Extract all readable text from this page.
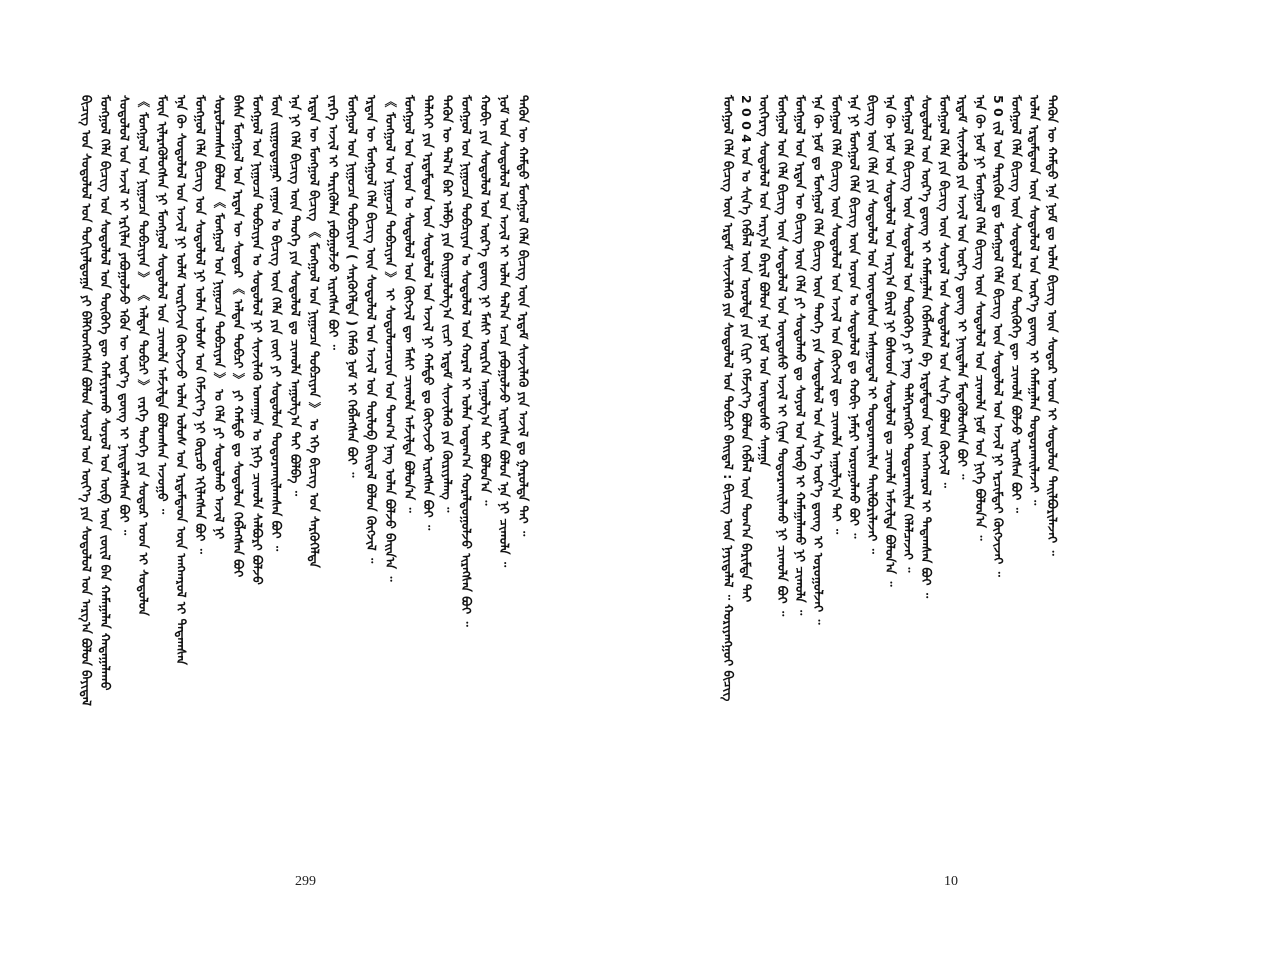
ᠪᠢᠴᠢᠭ᠌ ᠤᠨ ᠰᠤᠳᠤᠯᠤᠯ ᠤᠨ ᠲᠣᠬᠢᠶᠠᠯᠳᠤᠭᠠ ᠶᠢ ᠪᠡᠯᠭᠡᠳᠬᠡᠭᠰᠡᠨ ᠪᠤᠯᠤᠨ ᠰᠣᠶᠤᠯ ᠤᠨ ᠦᠶ᠎ᠡ ᠶᠢᠨ ᠰᠤᠳᠤᠯᠤᠯ ᠤᠨ ᠠᠷᠭ᠎ᠠ ᠪᠣᠯᠤᠨ ᠪᠠᠶᠢᠳᠠᠯ ᠮᠣᠩᠭᠣᠯ ᠬᠡᠯᠡ ᠪᠢᠴᠢᠭ᠌ ᠤᠨ ᠰᠤᠳᠤᠯᠤᠯ ᠤᠨ ᠲᠦᠭᠦᠬᠡ ᠳᠦ ᠬᠠᠮᠢᠶᠠᠷᠠᠬᠤ ᠰᠣᠶᠤᠯ ᠤᠨ ᠥᠪ ᠦᠨ ᠵᠦᠢᠯ ᠪᠠᠨ ᠬᠠᠮᠠᠭᠠᠯᠠᠨ ᠬᠠᠳᠠᠭᠠᠯᠠᠬᠤ ᠰᠤᠳᠤᠯᠤᠯ ᠤᠨ ᠠᠵᠢᠯ ᠢ ᠡᠷᠬᠢᠯᠡᠨ ᠶᠠᠪᠤᠭᠤᠯᠵᠤ ᠡᠭᠦᠨ ᠦ ᠦᠷ᠎ᠡ ᠳ᠋ᠦᠩ ᠢ ᠨᠡᠢᠲᠡᠯᠡᠭᠰᠡᠨ ᠪᠤᠢ ᠃ 《 ᠮᠣᠩᠭᠣᠯ ᠤᠨ ᠨᠢᠭᠤᠴᠠ ᠲᠣᠪᠴᠢᠶᠠᠨ 》 《 ᠠᠯᠲᠠᠨ ᠲᠣᠪᠴᠢ 》 ᠵᠡᠷᠭᠡ ᠲᠡᠦᠬᠡ ᠶᠢᠨ ᠰᠤᠳᠤᠷ ᠤᠳ ᠢ ᠰᠤᠳᠤᠯᠤᠨ ᠮᠥᠨ ᠢᠯᠡᠷᠡᠭᠦᠯᠦᠭᠰᠡᠨ ᠨᠢ ᠮᠣᠩᠭᠣᠯ ᠰᠤᠳᠤᠯᠤᠯ ᠤᠨ ᠴᠢᠬᠤᠯᠠ ᠠᠮᠵᠢᠯᠲᠠ ᠪᠣᠯᠤᠭᠰᠠᠨ ᠠᠵᠤᠭᠤ ᠃ ᠡᠨᠡ ᠬᠦ ᠰᠤᠳᠤᠯᠤᠯ ᠤᠨ ᠠᠵᠢᠯ ᠨᠢ ᠤᠯᠠᠮ ᠥᠷᠭᠡᠵᠢᠨ ᠬᠥᠭᠵᠢᠵᠦ ᠣᠯᠠᠨ ᠤᠯᠤᠰ ᠤᠨ ᠡᠷᠳᠡᠮᠲᠡᠳ ᠦᠨ ᠠᠩᠬᠠᠷᠤᠯ ᠢ ᠲᠠᠲᠠᠭᠰᠠᠨ ᠮᠣᠩᠭᠣᠯ ᠬᠡᠯᠡ ᠪᠢᠴᠢᠭ᠌ ᠤᠨ ᠰᠤᠳᠤᠯᠤᠯ ᠨᠢ ᠣᠯᠠᠨ ᠤᠯᠤᠰ ᠤᠨ ᠬᠡᠮᠵᠢᠶ᠎ᠡ ᠨᠢ ᠬᠦᠷᠴᠦ ᠡᠬᠢᠯᠡᠭᠰᠡᠨ ᠪᠤᠢ ᠃ ᠰᠤᠷᠤᠯᠴᠠᠭᠰᠠᠨ ᠪᠣᠯᠤᠨ 《 ᠮᠣᠩᠭᠣᠯ ᠤᠨ ᠨᠢᠭᠤᠴᠠ ᠲᠣᠪᠴᠢᠶᠠᠨ 》 ᠤ ᠬᠡᠯᠡ ᠶᠢ ᠰᠤᠳᠤᠯᠬᠤ ᠠᠵᠢᠯ ᠨᠢ ᠪᠠᠰᠠ ᠮᠣᠩᠭᠣᠯ ᠤᠨ ᠡᠷᠲᠡᠨ ᠦ ᠰᠤᠳᠤᠷ 《 ᠠᠯᠲᠠᠨ ᠲᠣᠪᠴᠢ 》 ᠶᠢ ᠬᠠᠮᠲᠤ ᠳᠤ ᠰᠤᠳᠤᠯᠤᠨ ᠬᠡᠪᠯᠡᠭᠰᠡᠨ ᠪᠤᠢ ᠮᠣᠩᠭᠣᠯ ᠤᠨ ᠨᠢᠭᠤᠴᠠ ᠲᠣᠪᠴᠢᠶᠠᠨ ᠤ ᠰᠤᠳᠤᠯᠤᠯ ᠨᠢ ᠰᠢᠨᠵᠢᠯᠡᠬᠦ ᠤᠬᠠᠭᠠᠨ ᠤ ᠨᠢᠭᠡ ᠴᠢᠬᠤᠯᠠ ᠰᠠᠯᠪᠤᠷᠢ ᠪᠣᠯᠵᠤ ᠮᠥᠨ ᠵᠢᠷᠭᠤᠳᠤᠭᠠᠷ ᠵᠠᠭᠤᠨ ᠤ ᠪᠢᠴᠢᠭ᠌ ᠦᠨ ᠬᠡᠯᠡ ᠶᠢᠨ ᠵᠦᠢ ᠶᠢ ᠰᠤᠳᠤᠯᠤᠨ ᠲᠣᠳᠤᠷᠬᠠᠢᠯᠠᠭᠰᠠᠨ ᠪᠤᠢ ᠃ ᠡᠨᠡ ᠨᠢ ᠬᠡᠯᠡ ᠪᠢᠴᠢᠭ᠌ ᠦᠨ ᠲᠡᠦᠬᠡ ᠶᠢᠨ ᠰᠤᠳᠤᠯᠤᠯ ᠳᠤ ᠴᠢᠬᠤᠯᠠ ᠠᠭᠤᠯᠭ᠎ᠠ ᠲᠠᠢ ᠪᠣᠯᠪᠠ ᠃ ᠡᠷᠲᠡᠨ ᠦ ᠮᠣᠩᠭᠣᠯ ᠪᠢᠴᠢᠭ᠌ 《 ᠮᠣᠩᠭᠣᠯ ᠤᠨ ᠨᠢᠭᠤᠴᠠ ᠲᠣᠪᠴᠢᠶᠠᠨ 》 ᠤ ᠡᠬᠡ ᠪᠢᠴᠢᠭ᠌ ᠤᠨ ᠰᠡᠷᠭᠦᠭᠡᠯᠲᠡ ᠵᠡᠷᠭᠡ ᠠᠵᠢᠯ ᠢ ᠲᠡᠷᠢᠭᠦᠯᠡᠨ ᠶᠠᠪᠤᠭᠤᠯᠵᠤ ᠢᠷᠡᠭᠰᠡᠨ ᠪᠤᠢ ᠃ ᠮᠣᠩᠭᠣᠯ ᠤᠨ ᠨᠢᠭᠤᠴᠠ ᠲᠣᠪᠴᠢᠶᠠᠨ ( ᠰᠡᠷᠭᠦᠭᠡᠯᠲᠡ ) ᠬᠡᠮᠡᠬᠦ ᠨᠣᠮ ᠢ ᠬᠡᠪᠯᠡᠭᠰᠡᠨ ᠪᠤᠢ ᠃ ᠡᠷᠲᠡᠨ ᠦ ᠮᠣᠩᠭᠣᠯ ᠬᠡᠯᠡ ᠪᠢᠴᠢᠭ᠌ ᠦᠨ ᠰᠤᠳᠤᠯᠤᠯ ᠤᠨ ᠠᠵᠢᠯ ᠤᠨ ᠲᠥᠯᠦᠪ ᠪᠠᠢᠳᠠᠯ ᠪᠣᠯᠤᠨ ᠬᠥᠭᠵᠢᠯ ᠃ 《 ᠮᠣᠩᠭᠣᠯ ᠤᠨ ᠨᠢᠭᠤᠴᠠ ᠲᠣᠪᠴᠢᠶᠠᠨ 》 ᠢ ᠰᠤᠳᠤᠯᠤᠭᠴᠢᠳ ᠤᠨ ᠲᠣᠭ᠎ᠠ ᠨᠡᠩ ᠣᠯᠠᠨ ᠪᠣᠯᠵᠤ ᠪᠠᠢᠨ᠎ᠠ ᠃ ᠮᠣᠩᠭᠣᠯ ᠤᠨ ᠣᠶᠤᠨ ᠤ ᠰᠤᠳᠤᠯᠤᠯ ᠤᠨ ᠬᠥᠭᠵᠢᠯ ᠳᠦ ᠮᠠᠰᠢ ᠴᠢᠬᠤᠯᠠ ᠠᠮᠵᠢᠯᠲᠠ ᠪᠣᠯᠤᠨ᠎ᠠ ᠃ ᠳᠡᠯᠡᠬᠡᠢ ᠶᠢᠨ ᠡᠷᠳᠡᠮᠲᠡᠳ ᠦᠨ ᠰᠤᠳᠤᠯᠤᠯ ᠤᠨ ᠠᠵᠢᠯ ᠨᠢ ᠬᠠᠮᠲᠤ ᠳᠤ ᠬᠥᠭᠵᠢᠵᠦ ᠢᠷᠡᠭᠰᠡᠨ ᠪᠤᠢ ᠃ ᠲᠡᠭᠦᠨ ᠦ ᠲᠠᠯ᠎ᠠ ᠪᠠᠷ ᠠᠯᠪᠠ ᠶᠢᠨ ᠪᠠᠢᠭᠤᠯᠤᠯᠭ᠎ᠠ ᠵᠢᠴᠢ ᠡᠷᠳᠡᠮ ᠰᠢᠨᠵᠢᠯᠡᠬᠦ ᠶᠢᠨ ᠬᠦᠷᠢᠶᠡᠯᠡᠩ ᠃ ᠮᠣᠩᠭᠣᠯ ᠤᠨ ᠨᠢᠭᠤᠴᠠ ᠲᠣᠪᠴᠢᠶᠠᠨ ᠤ ᠰᠤᠳᠤᠯᠤᠯ ᠤᠨ ᠬᠤᠷᠠᠯ ᠢ ᠣᠯᠠᠨ ᠤᠳᠠᠭ᠎ᠠ ᠬᠤᠷᠠᠯᠳᠤᠭᠤᠯᠵᠤ ᠢᠷᠡᠭᠰᠡᠨ ᠪᠤᠢ ᠃ ᠬᠤᠪᠢ ᠶᠢᠨ ᠰᠤᠳᠤᠯᠤᠯ ᠤᠨ ᠦᠷ᠎ᠡ ᠳ᠋ᠦᠩ ᠨᠢ ᠮᠠᠰᠢ ᠥᠷᠭᠡᠨ ᠠᠭᠤᠯᠭ᠎ᠠ ᠲᠠᠢ ᠪᠣᠯᠤᠨ᠎ᠠ ᠃ ᠨᠣᠮ ᠤᠨ ᠰᠤᠳᠤᠯᠤᠯ ᠤᠨ ᠠᠵᠢᠯ ᠢ ᠣᠯᠠᠨ ᠲᠠᠯ᠎ᠠ ᠠᠴᠠ ᠶᠠᠪᠤᠭᠤᠯᠵᠤ ᠢᠷᠡᠭᠰᠡᠨ ᠪᠣᠯᠤᠨ ᠡᠨᠡ ᠨᠢ ᠴᠢᠬᠤᠯᠠ ᠃ ᠲᠡᠭᠦᠨ ᠦ ᠬᠠᠮᠲᠤ ᠮᠣᠩᠭᠣᠯ ᠬᠡᠯᠡ ᠪᠢᠴᠢᠭ᠌ ᠦᠨ ᠡᠷᠳᠡᠮ ᠰᠢᠨᠵᠢᠯᠡᠬᠦ ᠶᠢᠨ ᠠᠵᠢᠯ ᠳᠤ ᠭᠠᠷᠤᠯᠲᠠ ᠲᠠᠢ ᠃	ᠮᠣᠩᠭᠣᠯ ᠬᠡᠯᠡ ᠪᠢᠴᠢᠭ᠌ ᠦᠨ ᠡᠷᠳᠡᠮ ᠰᠢᠨᠵᠢᠯᠡᠬᠦ ᠶᠢᠨ ᠰᠤᠳᠤᠯᠤᠯ ᠤᠨ ᠲᠣᠪᠴᠢ ᠪᠠᠢᠳᠠᠯ : ᠪᠢᠴᠢᠭ᠌ ᠦᠨ ᠨᠡᠶᠢᠲᠡᠯᠡᠯ ᠃ ᠬᠣᠷᠢᠶᠠᠩᠭᠤᠢ ᠪᠢᠴᠢᠭ᠌ 2 0 0 4 ᠣᠨ ᠤ ᠰᠢᠨ᠎ᠡ ᠬᠡᠪᠯᠡᠯ ᠦᠨ ᠣᠷᠣᠯᠲᠠ ᠶᠢᠨ ᠬᠢᠷᠢ ᠬᠡᠮᠵᠢᠶ᠎ᠡ ᠪᠣᠯᠤᠨ ᠬᠡᠪᠯᠡᠯ ᠦᠨ ᠲᠣᠭ᠎ᠠ ᠪᠠᠷᠢᠮᠲᠠ ᠲᠠᠢ ᠦᠭᠡᠷᠡᠭ ᠰᠤᠳᠤᠯᠤᠯ ᠤᠨ ᠠᠷᠭ᠎ᠠ ᠪᠠᠷᠢᠯ ᠪᠣᠯᠤᠨ ᠡᠨᠡ ᠨᠣᠮ ᠤᠨ ᠦᠨᠳᠦᠰᠦ ᠰᠠᠨᠠᠭᠠ ᠮᠣᠩᠭᠣᠯ ᠤᠨ ᠬᠡᠯᠡ ᠪᠢᠴᠢᠭ᠌ ᠦᠨ ᠰᠤᠳᠤᠯᠤᠯ ᠤᠨ ᠦᠨᠳᠦᠰᠦ ᠠᠵᠢᠯ ᠢ ᠬᠢᠨᠠᠨ ᠲᠣᠳᠤᠷᠬᠠᠢᠯᠠᠬᠤ ᠨᠢ ᠴᠢᠬᠤᠯᠠ ᠪᠤᠢ ᠃ ᠮᠣᠩᠭᠣᠯ ᠤᠨ ᠡᠷᠲᠡᠨ ᠦ ᠪᠢᠴᠢᠭ᠌ ᠦᠨ ᠬᠡᠯᠡ ᠶᠢ ᠰᠤᠳᠤᠯᠬᠤ ᠳᠤ ᠰᠣᠶᠤᠯ ᠤᠨ ᠥᠪ ᠢ ᠬᠠᠮᠠᠭᠠᠯᠠᠬᠤ ᠨᠢ ᠴᠢᠬᠤᠯᠠ ᠃ ᠡᠨᠡ ᠬᠦ ᠨᠣᠮ ᠳᠤ ᠮᠣᠩᠭᠣᠯ ᠬᠡᠯᠡ ᠪᠢᠴᠢᠭ᠌ ᠦᠨ ᠲᠡᠦᠬᠡ ᠶᠢᠨ ᠰᠤᠳᠤᠯᠤᠯ ᠤᠨ ᠰᠢᠨ᠎ᠡ ᠦᠷ᠎ᠡ ᠳ᠋ᠦᠩ ᠢ ᠣᠷᠣᠭᠤᠯᠵᠠᠢ ᠃ ᠮᠣᠩᠭᠣᠯ ᠬᠡᠯᠡ ᠪᠢᠴᠢᠭ᠌ ᠦᠨ ᠰᠤᠳᠤᠯᠤᠯ ᠤᠨ ᠠᠵᠢᠯ ᠤᠨ ᠬᠥᠭᠵᠢᠯ ᠳᠦ ᠴᠢᠬᠤᠯᠠ ᠠᠭᠤᠯᠭ᠎ᠠ ᠲᠠᠢ ᠃ ᠡᠨᠡ ᠨᠢ ᠮᠣᠩᠭᠣᠯ ᠬᠡᠯᠡ ᠪᠢᠴᠢᠭ᠌ ᠦᠨ ᠣᠶᠤᠨ ᠤ ᠰᠤᠳᠤᠯᠤᠯ ᠳᠤ ᠬᠤᠪᠢ ᠨᠡᠮᠡᠷᠢ ᠣᠷᠣᠭᠤᠯᠬᠤ ᠪᠤᠢ ᠃ ᠪᠢᠴᠢᠭ᠌ ᠦᠨ ᠬᠡᠯᠡ ᠶᠢᠨ ᠰᠤᠳᠤᠯᠤᠯ ᠤᠨ ᠦᠨᠳᠦᠰᠦᠨ ᠠᠰᠠᠭᠤᠳᠠᠯ ᠢ ᠲᠣᠳᠤᠷᠬᠠᠢᠯᠠᠨ ᠲᠠᠢᠯᠪᠤᠷᠢᠯᠠᠵᠠᠢ ᠃ ᠡᠨᠡ ᠬᠦ ᠨᠣᠮ ᠤᠨ ᠰᠤᠳᠤᠯᠤᠯ ᠤᠨ ᠠᠷᠭ᠎ᠠ ᠪᠠᠷᠢᠯ ᠨᠢ ᠪᠤᠰᠤᠳ ᠰᠤᠳᠤᠯᠤᠯ ᠳᠤ ᠴᠢᠬᠤᠯᠠ ᠠᠮᠵᠢᠯᠲᠠ ᠪᠣᠯᠤᠨ᠎ᠠ ᠃ ᠮᠣᠩᠭᠣᠯ ᠬᠡᠯᠡ ᠪᠢᠴᠢᠭ᠌ ᠦᠨ ᠰᠤᠳᠤᠯᠤᠯ ᠤᠨ ᠲᠦᠭᠦᠬᠡ ᠶᠢ ᠨᠡᠩ ᠳᠡᠯᠭᠡᠷᠡᠩᠭᠦᠢ ᠲᠣᠳᠤᠷᠬᠠᠢᠯᠠᠨ ᠬᠡᠯᠡᠯᠴᠡᠵᠡᠢ ᠃ ᠰᠤᠳᠤᠯᠤᠯ ᠤᠨ ᠦᠷ᠎ᠡ ᠳ᠋ᠦᠩ ᠢ ᠬᠠᠮᠠᠭᠠᠯᠠᠨ ᠬᠡᠪᠯᠡᠭᠰᠡᠨ ᠪᠠ ᠡᠷᠳᠡᠮᠲᠡᠳ ᠦᠨ ᠠᠩᠬᠠᠷᠤᠯ ᠢ ᠲᠠᠲᠠᠭᠰᠠᠨ ᠪᠤᠢ ᠃ ᠮᠣᠩᠭᠣᠯ ᠬᠡᠯᠡ ᠶᠢᠨ ᠪᠢᠴᠢᠭ᠌ ᠦᠨ ᠰᠣᠶᠤᠯ ᠤᠨ ᠰᠤᠳᠤᠯᠤᠯ ᠤᠨ ᠰᠢᠨ᠎ᠡ ᠪᠣᠯᠤᠨ ᠬᠥᠭᠵᠢᠯ ᠃ ᠡᠷᠳᠡᠮ ᠰᠢᠨᠵᠢᠯᠡᠬᠦ ᠶᠢᠨ ᠠᠵᠢᠯ ᠤᠨ ᠦᠷ᠎ᠡ ᠳ᠋ᠦᠩ ᠢ ᠨᠡᠢᠲᠡᠯᠡᠨ ᠮᠡᠳᠡᠭᠦᠯᠦᠭᠰᠡᠨ ᠪᠤᠢ ᠃ ᠡᠨᠡ ᠬᠦ ᠨᠣᠮ ᠨᠢ ᠮᠣᠩᠭᠣᠯ ᠬᠡᠯᠡ ᠪᠢᠴᠢᠭ᠌ ᠦᠨ ᠰᠤᠳᠤᠯᠤᠯ ᠤᠨ ᠴᠢᠬᠤᠯᠠ ᠨᠣᠮ ᠤᠨ ᠨᠢᠭᠡ ᠪᠣᠯᠤᠨ᠎ᠠ ᠃ 5 0 ᠵᠢᠯ ᠤᠨ ᠲᠡᠷᠢᠭᠦᠨ ᠳᠤ ᠮᠣᠩᠭᠣᠯ ᠬᠡᠯᠡ ᠪᠢᠴᠢᠭ᠌ ᠦᠨ ᠰᠤᠳᠤᠯᠤᠯ ᠤᠨ ᠠᠵᠢᠯ ᠨᠢ ᠡᠷᠴᠢᠮᠲᠡᠢ ᠬᠥᠭᠵᠢᠵᠡᠢ ᠃ ᠮᠣᠩᠭᠣᠯ ᠬᠡᠯᠡ ᠪᠢᠴᠢᠭ᠌ ᠦᠨ ᠰᠤᠳᠤᠯᠤᠯ ᠤᠨ ᠲᠦᠭᠦᠬᠡ ᠳᠦ ᠴᠢᠬᠤᠯᠠ ᠪᠣᠯᠵᠤ ᠢᠷᠡᠭᠰᠡᠨ ᠪᠤᠢ ᠃ ᠣᠯᠠᠨ ᠡᠷᠳᠡᠮᠲᠡᠳ ᠦᠨ ᠰᠤᠳᠤᠯᠤᠯ ᠤᠨ ᠦᠷ᠎ᠡ ᠳ᠋ᠦᠩ ᠢ ᠬᠠᠮᠠᠭᠠᠯᠠᠨ ᠲᠣᠳᠤᠷᠬᠠᠢᠯᠠᠵᠠᠢ ᠃ ᠲᠡᠭᠦᠨ ᠦ ᠬᠠᠮᠲᠤ ᠡᠨᠡ ᠨᠣᠮ ᠳᠤ ᠣᠯᠠᠨ ᠪᠢᠴᠢᠭ᠌ ᠦᠨ ᠰᠤᠳᠤᠷ ᠤᠳ ᠢ ᠰᠤᠳᠤᠯᠤᠨ ᠲᠠᠢᠯᠪᠤᠷᠢᠯᠠᠵᠠᠢ ᠃
299	10
